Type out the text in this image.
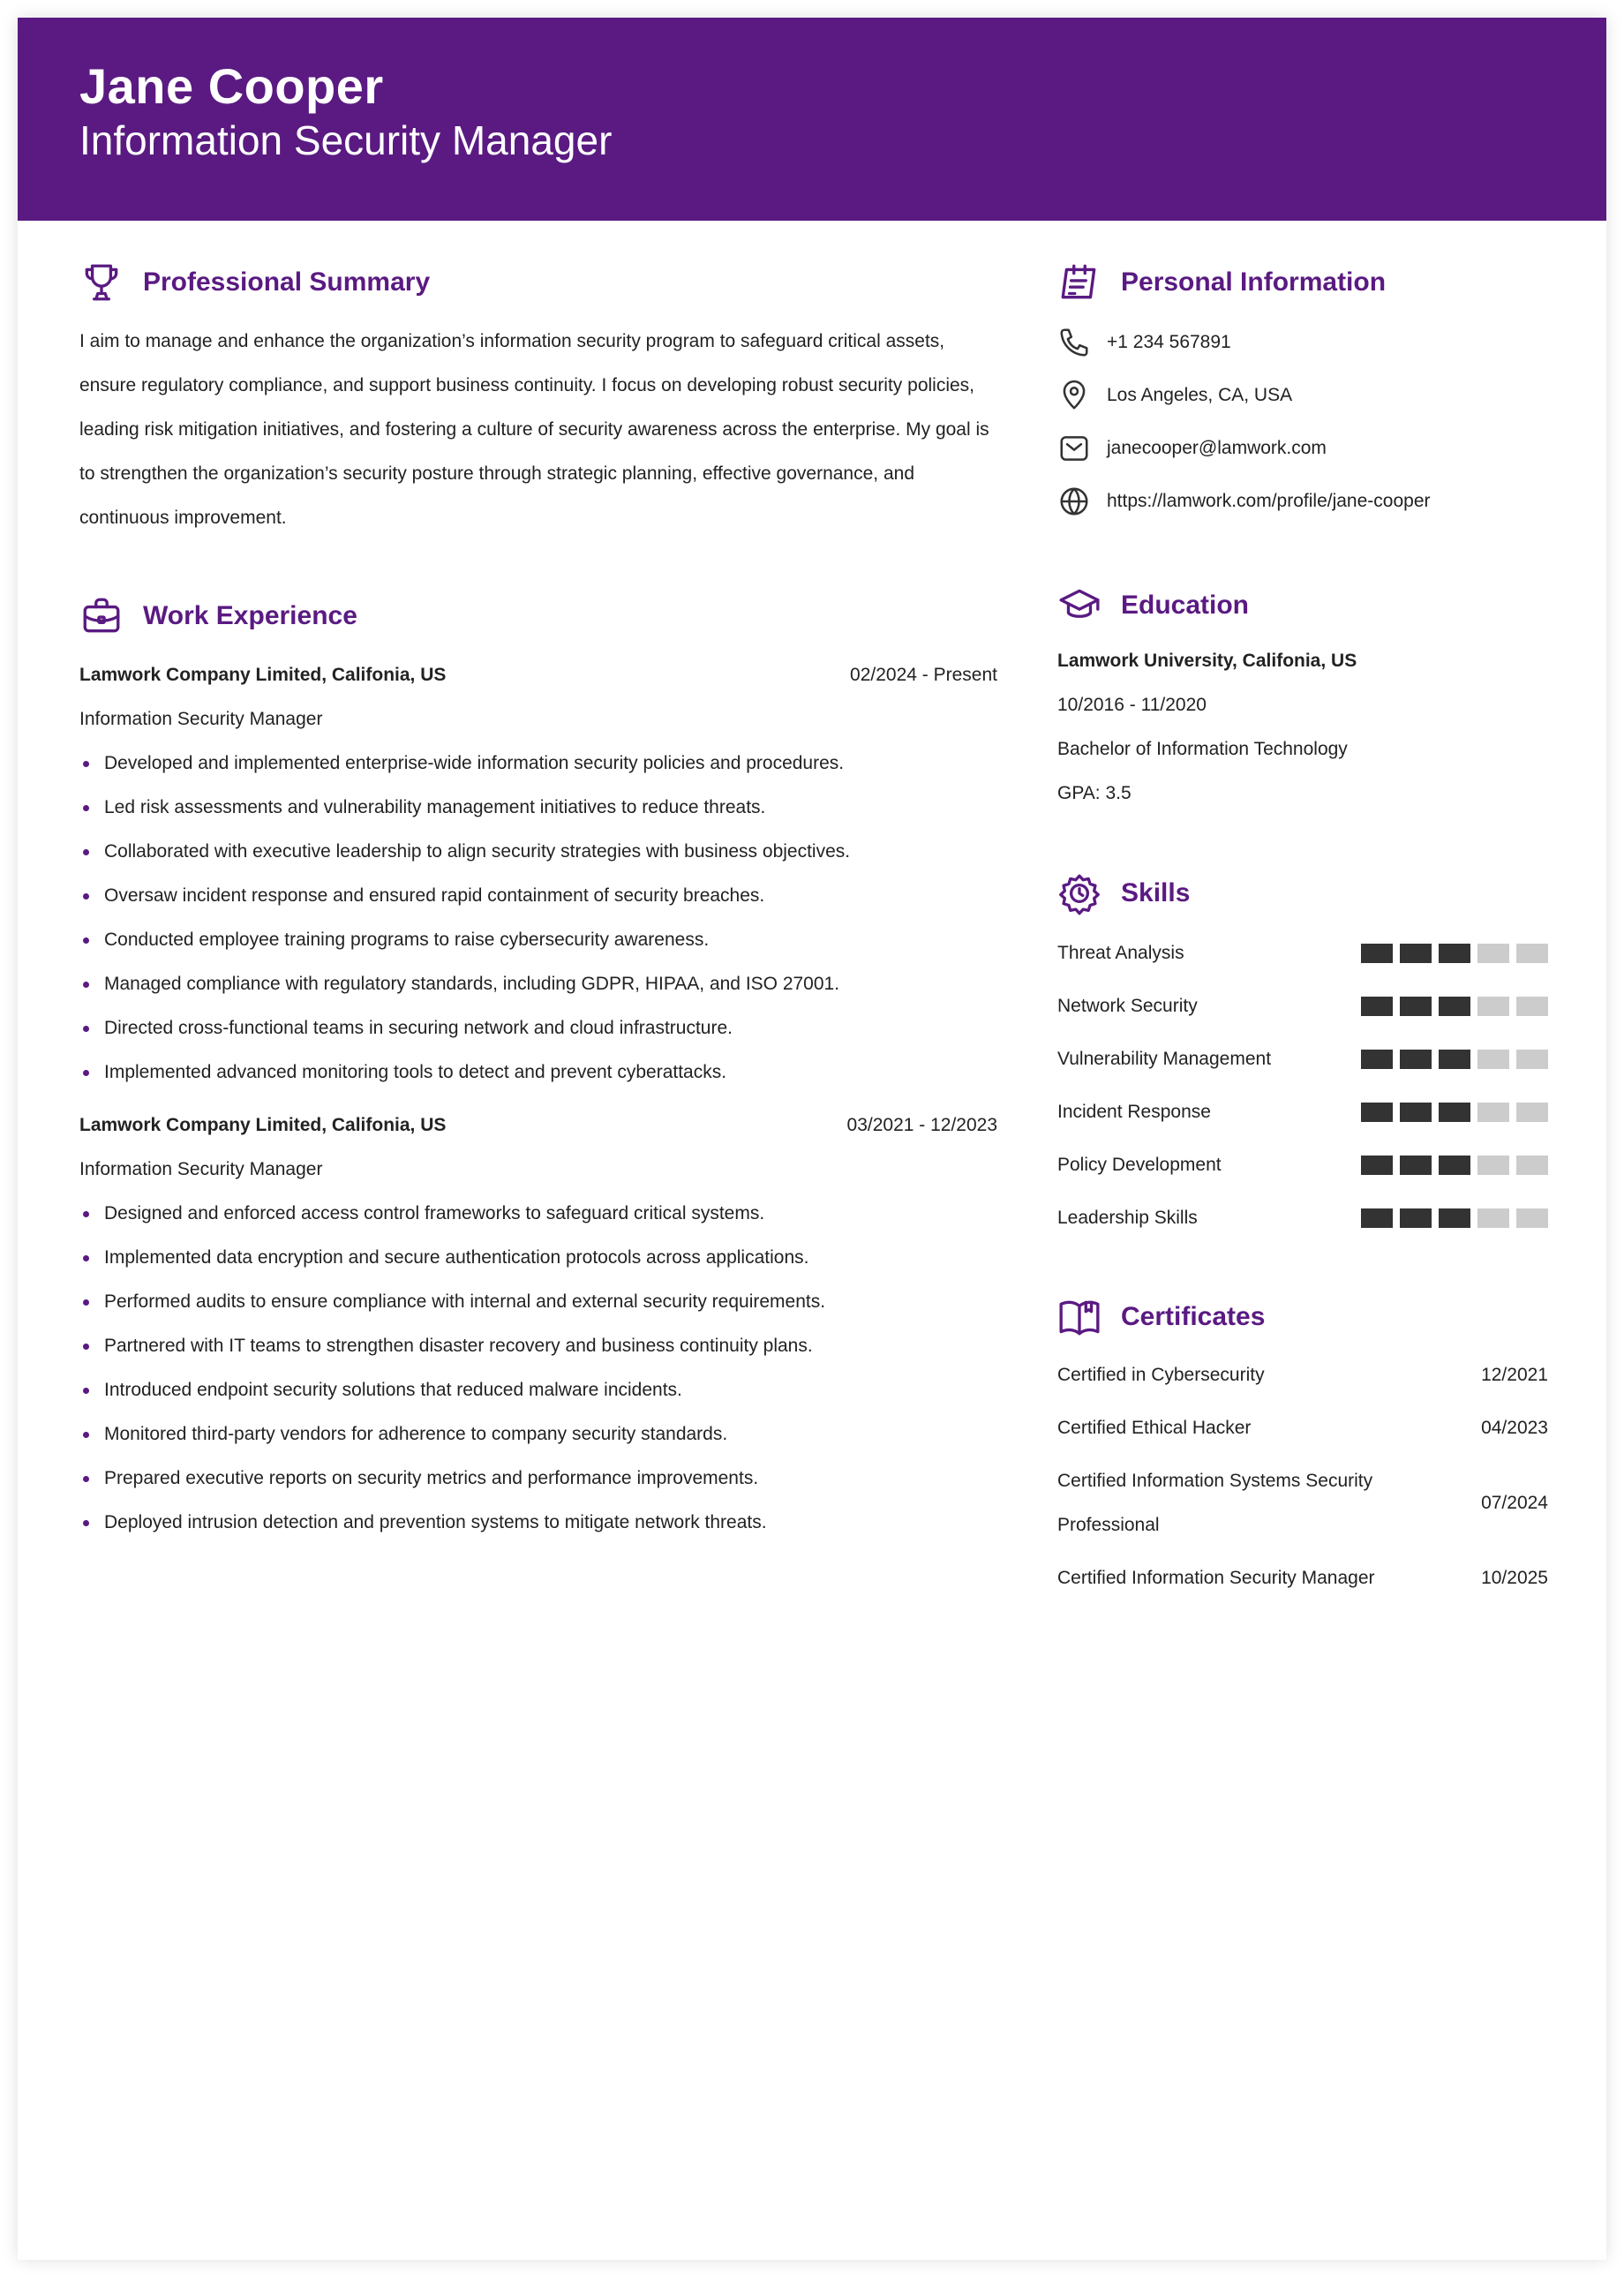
Jane Cooper
Information Security Manager
Professional Summary

I aim to manage and enhance the organization’s information security program to safeguard critical assets, ensure regulatory compliance, and support business continuity. I focus on developing robust security policies, leading risk mitigation initiatives, and fostering a culture of security awareness across the enterprise. My goal is to strengthen the organization’s security posture through strategic planning, effective governance, and continuous improvement.

Work Experience
Lamwork Company Limited, Califonia, US	02/2024 - Present
Information Security Manager
Developed and implemented enterprise-wide information security policies and procedures.
Led risk assessments and vulnerability management initiatives to reduce threats.
Collaborated with executive leadership to align security strategies with business objectives.
Oversaw incident response and ensured rapid containment of security breaches.
Conducted employee training programs to raise cybersecurity awareness.
Managed compliance with regulatory standards, including GDPR, HIPAA, and ISO 27001.
Directed cross-functional teams in securing network and cloud infrastructure.
Implemented advanced monitoring tools to detect and prevent cyberattacks.
Lamwork Company Limited, Califonia, US	03/2021 - 12/2023
Information Security Manager
Designed and enforced access control frameworks to safeguard critical systems.
Implemented data encryption and secure authentication protocols across applications.
Performed audits to ensure compliance with internal and external security requirements.
Partnered with IT teams to strengthen disaster recovery and business continuity plans.
Introduced endpoint security solutions that reduced malware incidents.
Monitored third-party vendors for adherence to company security standards.
Prepared executive reports on security metrics and performance improvements.
Deployed intrusion detection and prevention systems to mitigate network threats.
Personal Information
+1 234 567891
Los Angeles, CA, USA
janecooper@lamwork.com
https://lamwork.com/profile/jane-cooper
Education
Lamwork University, Califonia, US
10/2016 - 11/2020
Bachelor of Information Technology
GPA: 3.5
Skills
Threat Analysis
Network Security
Vulnerability Management
Incident Response
Policy Development
Leadership Skills
Certificates
Certified in Cybersecurity	12/2021
Certified Ethical Hacker	04/2023
Certified Information Systems Security Professional
07/2024
Certified Information Security Manager	10/2025
